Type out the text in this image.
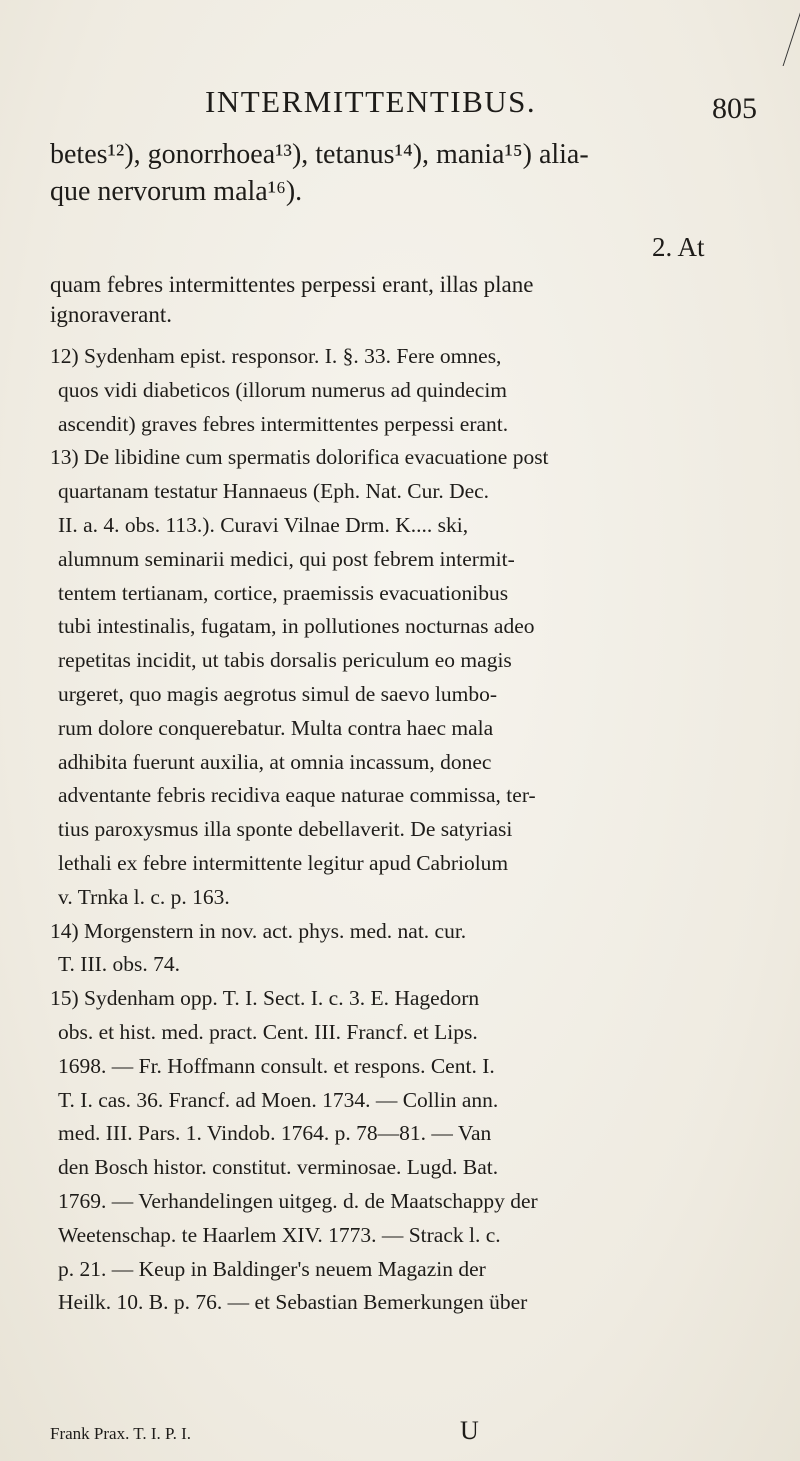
INTERMITTENTIBUS.	805
betes¹²), gonorrhoea¹³), tetanus¹⁴), mania¹⁵) alia-
que nervorum mala¹⁶).
2. At
quam febres intermittentes perpessi erant, illas plane
ignoraverant.
12) Sydenham epist. responsor. I. §. 33. Fere omnes,
quos vidi diabeticos (illorum numerus ad quindecim
ascendit) graves febres intermittentes perpessi erant.
13) De libidine cum spermatis dolorifica evacuatione post
quartanam testatur Hannaeus (Eph. Nat. Cur. Dec.
II. a. 4. obs. 113.). Curavi Vilnae Drm. K.... ski,
alumnum seminarii medici, qui post febrem intermit-
tentem tertianam, cortice, praemissis evacuationibus
tubi intestinalis, fugatam, in pollutiones nocturnas adeo
repetitas incidit, ut tabis dorsalis periculum eo magis
urgeret, quo magis aegrotus simul de saevo lumbo-
rum dolore conquerebatur. Multa contra haec mala
adhibita fuerunt auxilia, at omnia incassum, donec
adventante febris recidiva eaque naturae commissa, ter-
tius paroxysmus illa sponte debellaverit. De satyriasi
lethali ex febre intermittente legitur apud Cabriolum
v. Trnka l. c. p. 163.
14) Morgenstern in nov. act. phys. med. nat. cur.
T. III. obs. 74.
15) Sydenham opp. T. I. Sect. I. c. 3. E. Hagedorn
obs. et hist. med. pract. Cent. III. Francf. et Lips.
1698. — Fr. Hoffmann consult. et respons. Cent. I.
T. I. cas. 36. Francf. ad Moen. 1734. — Collin ann.
med. III. Pars. 1. Vindob. 1764. p. 78—81. — Van
den Bosch histor. constitut. verminosae. Lugd. Bat.
1769. — Verhandelingen uitgeg. d. de Maatschappy der
Weetenschap. te Haarlem XIV. 1773. — Strack l. c.
p. 21. — Keup in Baldinger's neuem Magazin der
Heilk. 10. B. p. 76. — et Sebastian Bemerkungen über
Frank Prax. T. I. P. I.	U
